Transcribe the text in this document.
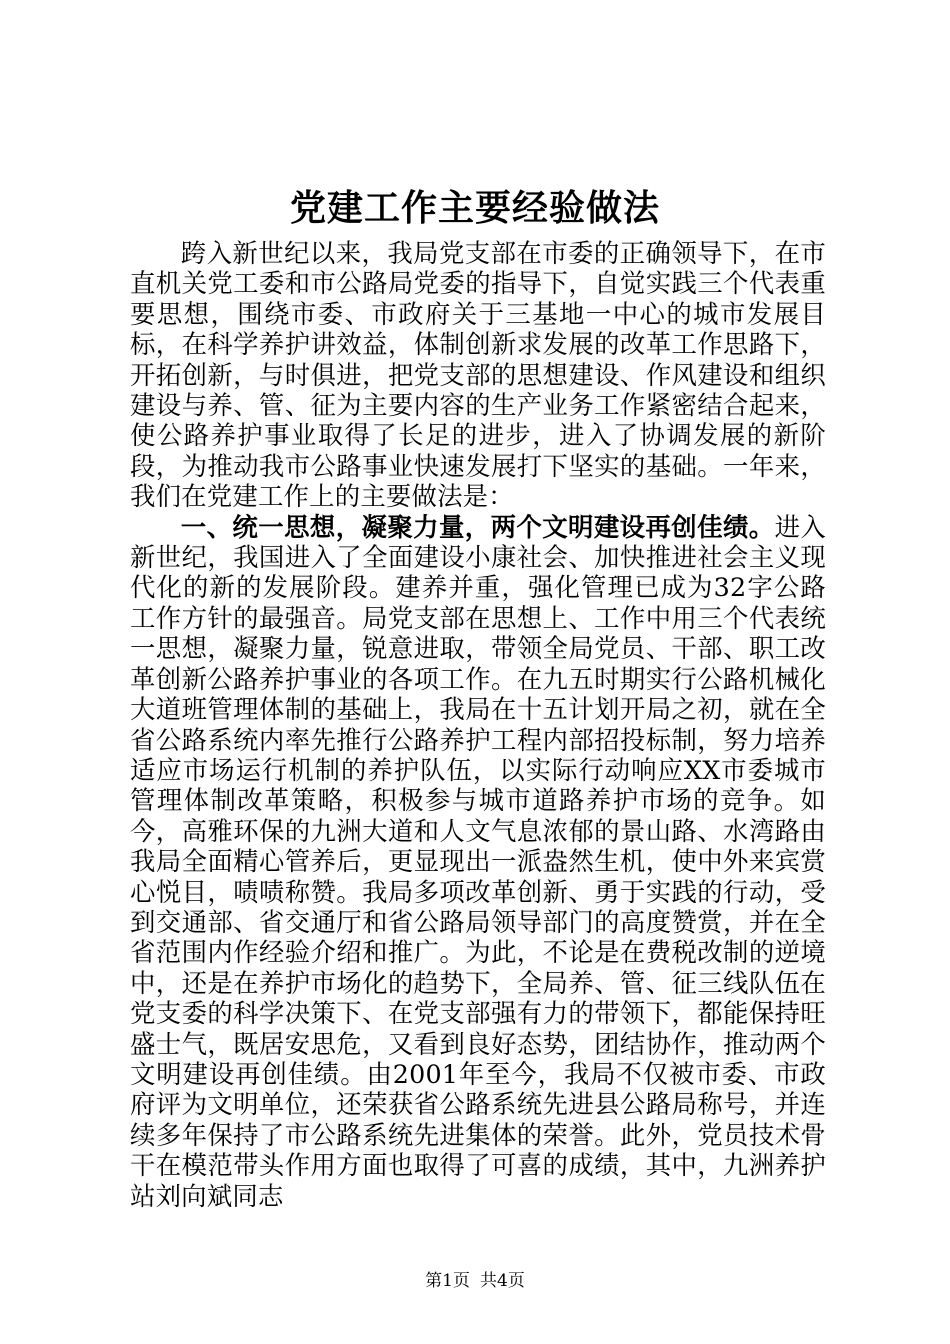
党建工作主要经验做法

跨入新世纪以来，我局党支部在市委的正确领导下，在市直机关党工委和市公路局党委的指导下，自觉实践三个代表重要思想，围绕市委、市政府关于三基地一中心的城市发展目标，在科学养护讲效益，体制创新求发展的改革工作思路下，开拓创新，与时俱进，把党支部的思想建设、作风建设和组织建设与养、管、征为主要内容的生产业务工作紧密结合起来，使公路养护事业取得了长足的进步，进入了协调发展的新阶段，为推动我市公路事业快速发展打下坚实的基础。一年来，我们在党建工作上的主要做法是：

一、统一思想，凝聚力量，两个文明建设再创佳绩。进入新世纪，我国进入了全面建设小康社会、加快推进社会主义现代化的新的发展阶段。建养并重，强化管理已成为32字公路工作方针的最强音。局党支部在思想上、工作中用三个代表统一思想，凝聚力量，锐意进取，带领全局党员、干部、职工改革创新公路养护事业的各项工作。在九五时期实行公路机械化大道班管理体制的基础上，我局在十五计划开局之初，就在全省公路系统内率先推行公路养护工程内部招投标制，努力培养适应市场运行机制的养护队伍，以实际行动响应XX市委城市管理体制改革策略，积极参与城市道路养护市场的竞争。如今，高雅环保的九洲大道和人文气息浓郁的景山路、水湾路由我局全面精心管养后，更显现出一派盎然生机，使中外来宾赏心悦目，啧啧称赞。我局多项改革创新、勇于实践的行动，受到交通部、省交通厅和省公路局领导部门的高度赞赏，并在全省范围内作经验介绍和推广。为此，不论是在费税改制的逆境中，还是在养护市场化的趋势下，全局养、管、征三线队伍在党支委的科学决策下、在党支部强有力的带领下，都能保持旺盛士气，既居安思危，又看到良好态势，团结协作，推动两个文明建设再创佳绩。由2001年至今，我局不仅被市委、市政府评为文明单位，还荣获省公路系统先进县公路局称号，并连续多年保持了市公路系统先进集体的荣誉。此外，党员技术骨干在模范带头作用方面也取得了可喜的成绩，其中，九洲养护站刘向斌同志

第1页 共4页
